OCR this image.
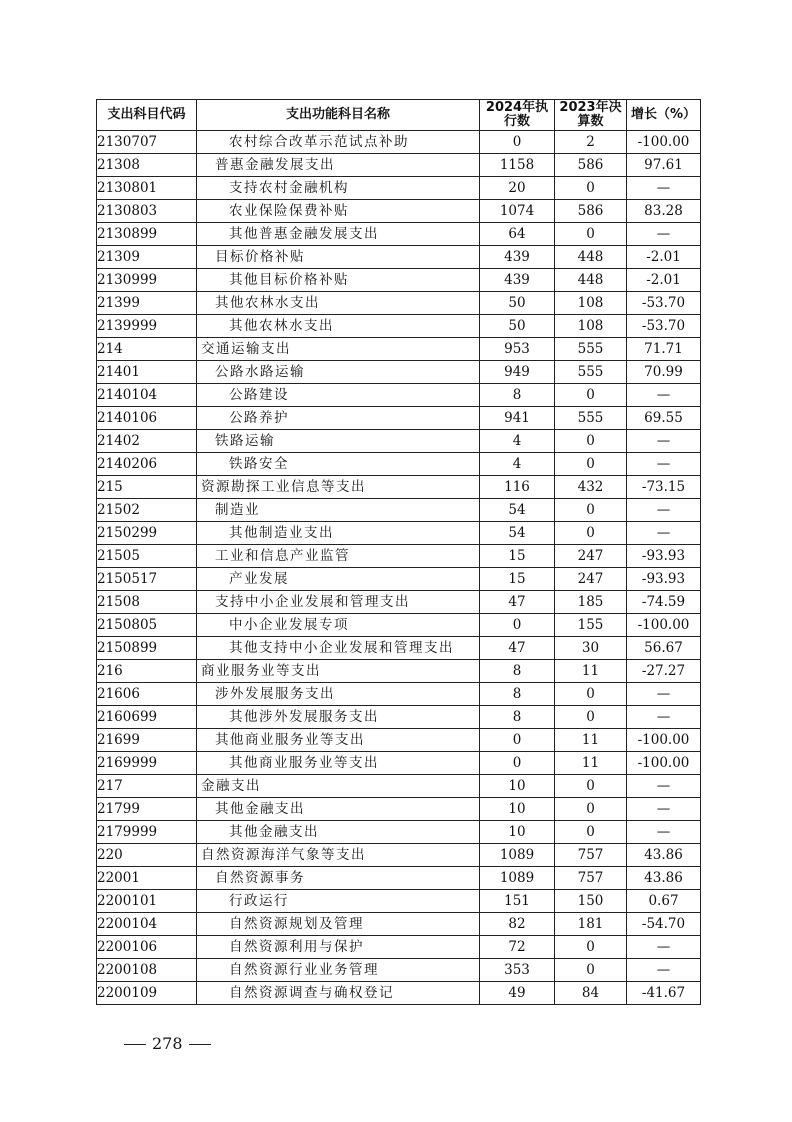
支出科目代码	支出功能科目名称	2024年执行数	2023年决算数	增长（%）
2130707	农村综合改革示范试点补助	0	2	-100.00
21308	普惠金融发展支出	1158	586	97.61
2130801	支持农村金融机构	20	0	—
2130803	农业保险保费补贴	1074	586	83.28
2130899	其他普惠金融发展支出	64	0	—
21309	目标价格补贴	439	448	-2.01
2130999	其他目标价格补贴	439	448	-2.01
21399	其他农林水支出	50	108	-53.70
2139999	其他农林水支出	50	108	-53.70
214	交通运输支出	953	555	71.71
21401	公路水路运输	949	555	70.99
2140104	公路建设	8	0	—
2140106	公路养护	941	555	69.55
21402	铁路运输	4	0	—
2140206	铁路安全	4	0	—
215	资源勘探工业信息等支出	116	432	-73.15
21502	制造业	54	0	—
2150299	其他制造业支出	54	0	—
21505	工业和信息产业监管	15	247	-93.93
2150517	产业发展	15	247	-93.93
21508	支持中小企业发展和管理支出	47	185	-74.59
2150805	中小企业发展专项	0	155	-100.00
2150899	其他支持中小企业发展和管理支出	47	30	56.67
216	商业服务业等支出	8	11	-27.27
21606	涉外发展服务支出	8	0	—
2160699	其他涉外发展服务支出	8	0	—
21699	其他商业服务业等支出	0	11	-100.00
2169999	其他商业服务业等支出	0	11	-100.00
217	金融支出	10	0	—
21799	其他金融支出	10	0	—
2179999	其他金融支出	10	0	—
220	自然资源海洋气象等支出	1089	757	43.86
22001	自然资源事务	1089	757	43.86
2200101	行政运行	151	150	0.67
2200104	自然资源规划及管理	82	181	-54.70
2200106	自然资源利用与保护	72	0	—
2200108	自然资源行业业务管理	353	0	—
2200109	自然资源调查与确权登记	49	84	-41.67
278
